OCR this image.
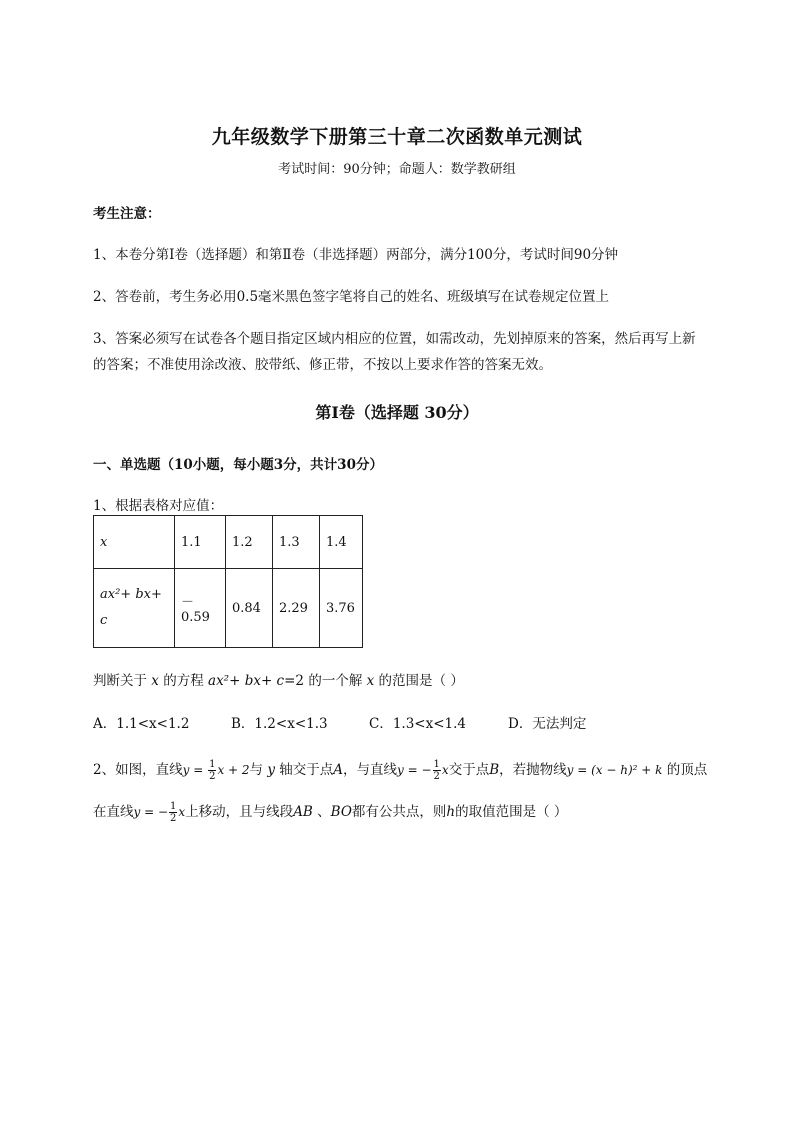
九年级数学下册第三十章二次函数单元测试
考试时间：90分钟；命题人：数学教研组
考生注意：
1、本卷分第I卷（选择题）和第Ⅱ卷（非选择题）两部分，满分100分，考试时间90分钟
2、答卷前，考生务必用0.5毫米黑色签字笔将自己的姓名、班级填写在试卷规定位置上
3、答案必须写在试卷各个题目指定区域内相应的位置，如需改动，先划掉原来的答案，然后再写上新
的答案；不准使用涂改液、胶带纸、修正带，不按以上要求作答的答案无效。
第I卷（选择题 30分）
一、单选题（10小题，每小题3分，共计30分）
1、根据表格对应值：
x	1.1	1.2	1.3	1.4
ax²+ bx+
c	－0.59	0.84	2.29	3.76
判断关于 x 的方程 ax²+ bx+ c=2 的一个解 x 的范围是（ ）
A．1.1<x<1.2	B．1.2<x<1.3	C．1.3<x<1.4	D．无法判定
2、如图，直线$y = \frac{1}{2}$ x + 2与 y 轴交于点A，与直线y = − $\frac{1}{2}$ x交于点B，若抛物线y = (x − h)² + k 的顶点
在直线y = − $\frac{1}{2}$ x上移动，且与线段AB 、BO都有公共点，则h的取值范围是（ ）
